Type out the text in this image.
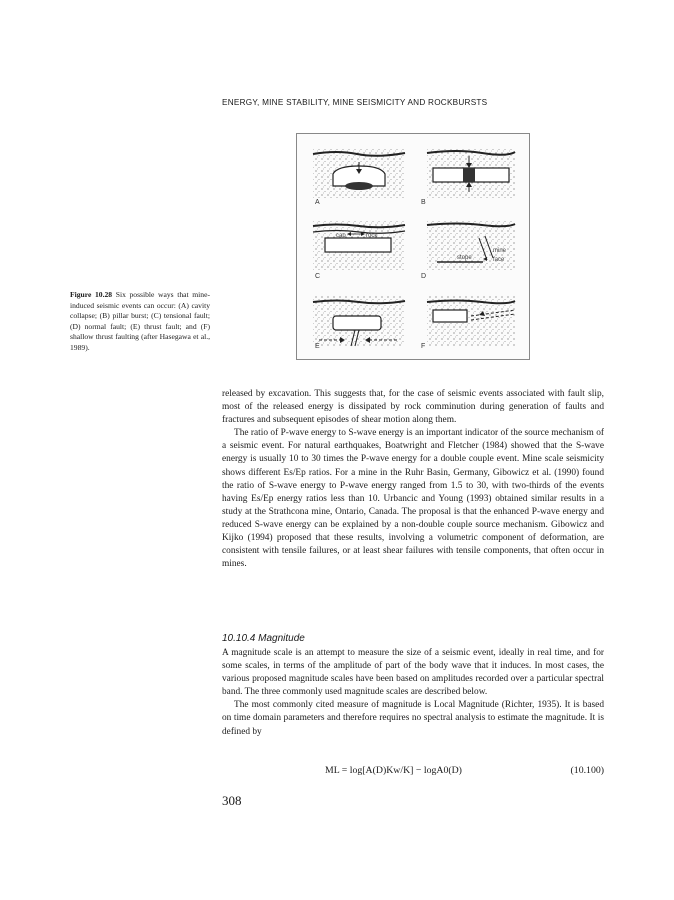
ENERGY, MINE STABILITY, MINE SEISMICITY AND ROCKBURSTS
A	B
cap	rock
C
mine
face
stope
D
E	F
Figure 10.28 Six possible ways that mine-induced seismic events can occur: (A) cavity collapse; (B) pillar burst; (C) tensional fault; (D) normal fault; (E) thrust fault; and (F) shallow thrust faulting (after Hasegawa et al., 1989).

released by excavation. This suggests that, for the case of seismic events associated with fault slip, most of the released energy is dissipated by rock comminution during generation of faults and fractures and subsequent episodes of shear motion along them.

The ratio of P-wave energy to S-wave energy is an important indicator of the source mechanism of a seismic event. For natural earthquakes, Boatwright and Fletcher (1984) showed that the S-wave energy is usually 10 to 30 times the P-wave energy for a double couple event. Mine scale seismicity shows different Es/Ep ratios. For a mine in the Ruhr Basin, Germany, Gibowicz et al. (1990) found the ratio of S-wave energy to P-wave energy ranged from 1.5 to 30, with two-thirds of the events having Es/Ep energy ratios less than 10. Urbancic and Young (1993) obtained similar results in a study at the Strathcona mine, Ontario, Canada. The proposal is that the enhanced P-wave energy and reduced S-wave energy can be explained by a non-double couple source mechanism. Gibowicz and Kijko (1994) proposed that these results, involving a volumetric component of deformation, are consistent with tensile failures, or at least shear failures with tensile components, that often occur in mines.

10.10.4 Magnitude

A magnitude scale is an attempt to measure the size of a seismic event, ideally in real time, and for some scales, in terms of the amplitude of part of the body wave that it induces. In most cases, the various proposed magnitude scales have been based on amplitudes recorded over a particular spectral band. The three commonly used magnitude scales are described below.

The most commonly cited measure of magnitude is Local Magnitude (Richter, 1935). It is based on time domain parameters and therefore requires no spectral analysis to estimate the magnitude. It is defined by

ML = log[A(D)Kw/K] − logA0(D)	(10.100)
308
